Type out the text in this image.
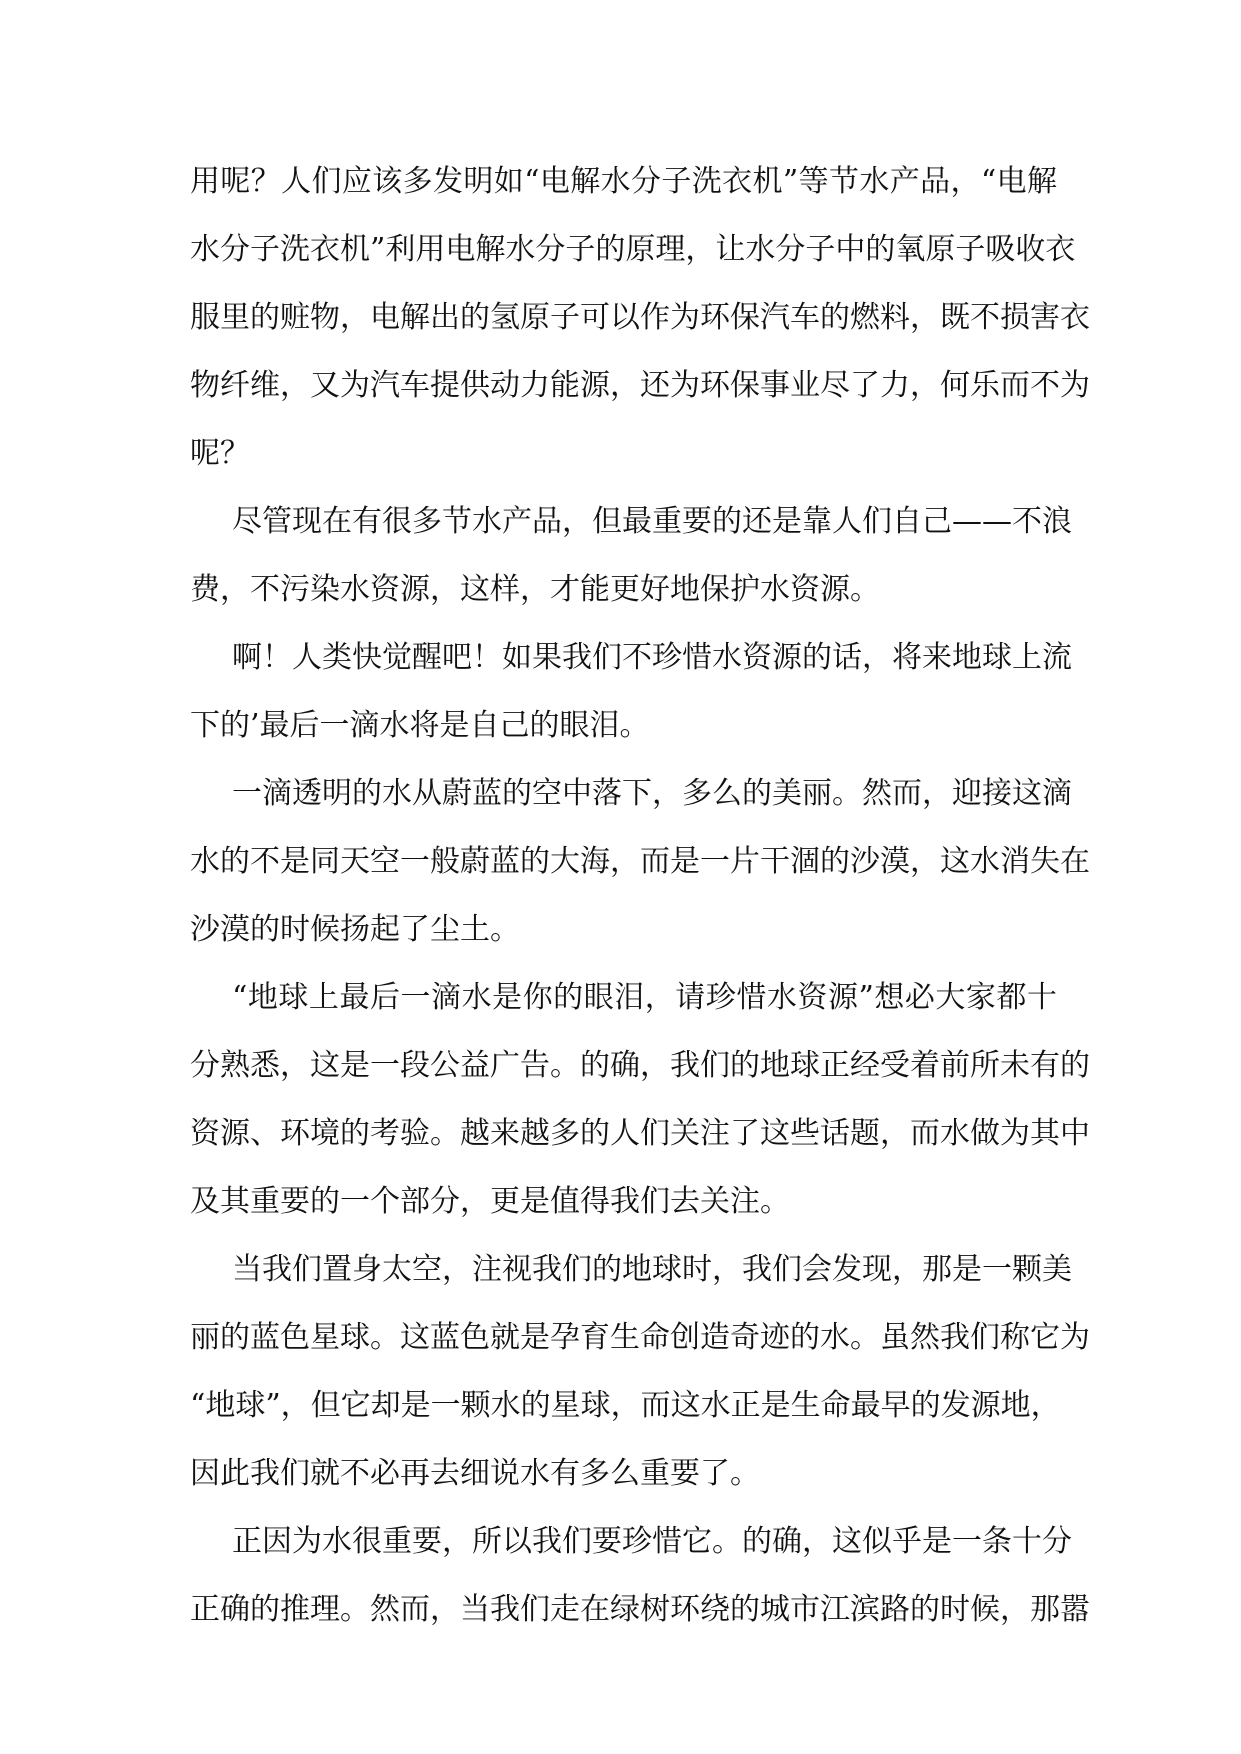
用呢？人们应该多发明如“电解水分子洗衣机”等节水产品，“电解
水分子洗衣机”利用电解水分子的原理，让水分子中的氧原子吸收衣
服里的赃物，电解出的氢原子可以作为环保汽车的燃料，既不损害衣
物纤维，又为汽车提供动力能源，还为环保事业尽了力，何乐而不为
呢？
尽管现在有很多节水产品，但最重要的还是靠人们自己——不浪
费，不污染水资源，这样，才能更好地保护水资源。
啊！人类快觉醒吧！如果我们不珍惜水资源的话，将来地球上流
下的’最后一滴水将是自己的眼泪。
一滴透明的水从蔚蓝的空中落下，多么的美丽。然而，迎接这滴
水的不是同天空一般蔚蓝的大海，而是一片干涸的沙漠，这水消失在
沙漠的时候扬起了尘土。
“地球上最后一滴水是你的眼泪，请珍惜水资源”想必大家都十
分熟悉，这是一段公益广告。的确，我们的地球正经受着前所未有的
资源、环境的考验。越来越多的人们关注了这些话题，而水做为其中
及其重要的一个部分，更是值得我们去关注。
当我们置身太空，注视我们的地球时，我们会发现，那是一颗美
丽的蓝色星球。这蓝色就是孕育生命创造奇迹的水。虽然我们称它为
“地球”，但它却是一颗水的星球，而这水正是生命最早的发源地，
因此我们就不必再去细说水有多么重要了。
正因为水很重要，所以我们要珍惜它。的确，这似乎是一条十分
正确的推理。然而，当我们走在绿树环绕的城市江滨路的时候，那嚣
